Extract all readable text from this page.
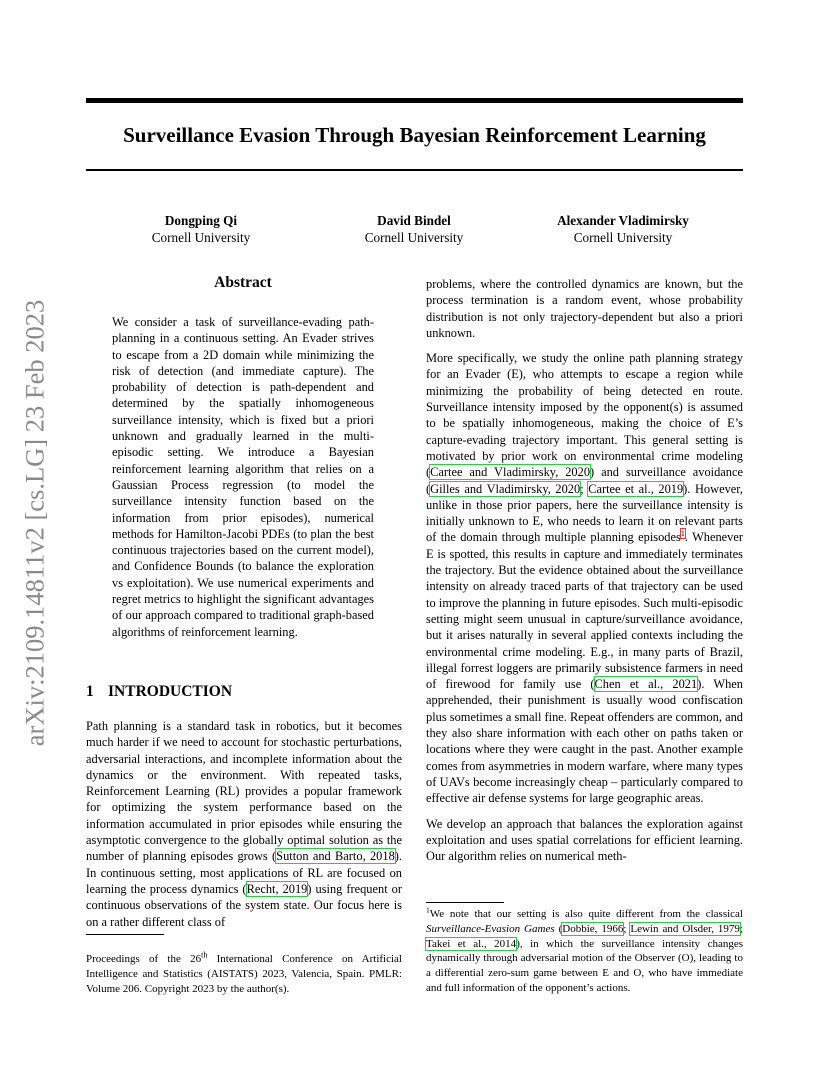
arXiv:2109.14811v2 [cs.LG] 23 Feb 2023
Surveillance Evasion Through Bayesian Reinforcement Learning
Dongping Qi
Cornell University
David Bindel
Cornell University
Alexander Vladimirsky
Cornell University
Abstract

We consider a task of surveillance-evading path-planning in a continuous setting. An Evader strives to escape from a 2D domain while minimizing the risk of detection (and immediate capture). The probability of detection is path-dependent and determined by the spatially inhomogeneous surveillance intensity, which is fixed but a priori unknown and gradually learned in the multi-episodic setting. We introduce a Bayesian reinforcement learning algorithm that relies on a Gaussian Process regression (to model the surveillance intensity function based on the information from prior episodes), numerical methods for Hamilton-Jacobi PDEs (to plan the best continuous trajectories based on the current model), and Confidence Bounds (to balance the exploration vs exploitation). We use numerical experiments and regret metrics to highlight the significant advantages of our approach compared to traditional graph-based algorithms of reinforcement learning.

1 INTRODUCTION

Path planning is a standard task in robotics, but it becomes much harder if we need to account for stochastic perturbations, adversarial interactions, and incomplete information about the dynamics or the environment. With repeated tasks, Reinforcement Learning (RL) provides a popular framework for optimizing the system performance based on the information accumulated in prior episodes while ensuring the asymptotic convergence to the globally optimal solution as the number of planning episodes grows (Sutton and Barto, 2018). In continuous setting, most applications of RL are focused on learning the process dynamics (Recht, 2019) using frequent or continuous observations of the system state. Our focus here is on a rather different class of

problems, where the controlled dynamics are known, but the process termination is a random event, whose probability distribution is not only trajectory-dependent but also a priori unknown.

More specifically, we study the online path planning strategy for an Evader (E), who attempts to escape a region while minimizing the probability of being detected en route. Surveillance intensity imposed by the opponent(s) is assumed to be spatially inhomogeneous, making the choice of E’s capture-evading trajectory important. This general setting is motivated by prior work on environmental crime modeling (Cartee and Vladimirsky, 2020) and surveillance avoidance (Gilles and Vladimirsky, 2020; Cartee et al., 2019). However, unlike in those prior papers, here the surveillance intensity is initially unknown to E, who needs to learn it on relevant parts of the domain through multiple planning episodes$^1$. Whenever E is spotted, this results in capture and immediately terminates the trajectory. But the evidence obtained about the surveillance intensity on already traced parts of that trajectory can be used to improve the planning in future episodes. Such multi-episodic setting might seem unusual in capture/surveillance avoidance, but it arises naturally in several applied contexts including the environmental crime modeling. E.g., in many parts of Brazil, illegal forrest loggers are primarily subsistence farmers in need of firewood for family use (Chen et al., 2021). When apprehended, their punishment is usually wood confiscation plus sometimes a small fine. Repeat offenders are common, and they also share information with each other on paths taken or locations where they were caught in the past. Another example comes from asymmetries in modern warfare, where many types of UAVs become increasingly cheap – particularly compared to effective air defense systems for large geographic areas.

We develop an approach that balances the exploration against exploitation and uses spatial correlations for efficient learning. Our algorithm relies on numerical meth-

Proceedings of the 26th International Conference on Artificial Intelligence and Statistics (AISTATS) 2023, Valencia, Spain. PMLR: Volume 206. Copyright 2023 by the author(s).

$^1$We note that our setting is also quite different from the classical Surveillance-Evasion Games (Dobbie, 1966; Lewin and Olsder, 1979; Takei et al., 2014), in which the surveillance intensity changes dynamically through adversarial motion of the Observer (O), leading to a differential zero-sum game between E and O, who have immediate and full information of the opponent’s actions.
